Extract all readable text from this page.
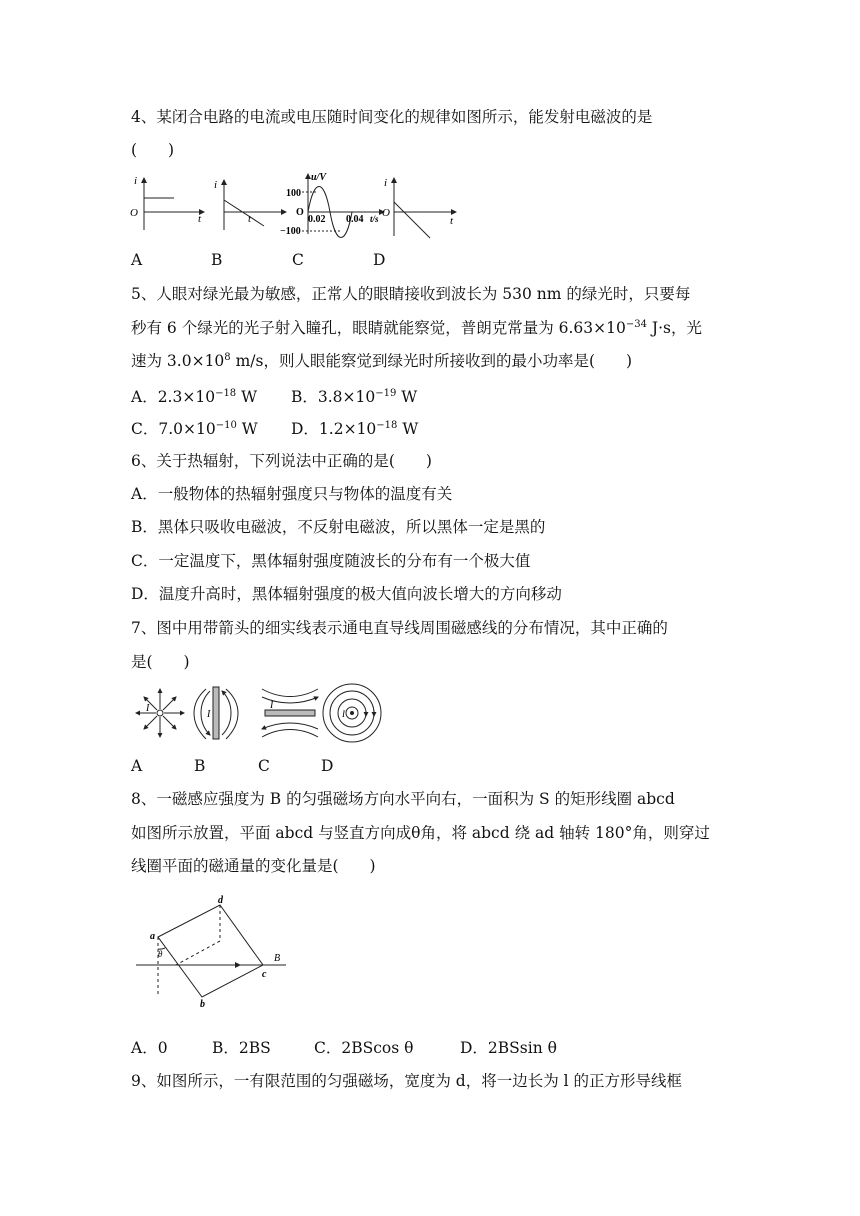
4、某闭合电路的电流或电压随时间变化的规律如图所示，能发射电磁波的是
(　　)
i
O	t
i
t
u/V
100
O
0.02 0.04 t/s
−100
i
O
t
A	B	C	D
5、人眼对绿光最为敏感，正常人的眼睛接收到波长为 530 nm 的绿光时，只要每
秒有 6 个绿光的光子射入瞳孔，眼睛就能察觉，普朗克常量为 $6.63\times 10^{-34}$ J·s，光
速为 $3.0\times 10^8$ m/s，则人眼能察觉到绿光时所接收到的最小功率是(　　)
A．$2.3\times 10^{-18}$ W B．$3.8\times 10^{-19}$ W
C．$7.0\times 10^{-10}$ W D．$1.2\times 10^{-18}$ W
6、关于热辐射，下列说法中正确的是(　　)
A．一般物体的热辐射强度只与物体的温度有关
B．黑体只吸收电磁波，不反射电磁波，所以黑体一定是黑的
C．一定温度下，黑体辐射强度随波长的分布有一个极大值
D．温度升高时，黑体辐射强度的极大值向波长增大的方向移动
7、图中用带箭头的细实线表示通电直导线周围磁感线的分布情况，其中正确的
是(　　)
I
I
I
I
A	B	C	D
8、一磁感应强度为 B 的匀强磁场方向水平向右，一面积为 S 的矩形线圈 abcd
如图所示放置，平面 abcd 与竖直方向成θ角，将 abcd 绕 ad 轴转 180°角，则穿过
线圈平面的磁通量的变化量是(　　)
a
d
c
b
B
θ
A．0	B．2BS	C．2BScos θ	D．2BSsin θ
9、如图所示，一有限范围的匀强磁场，宽度为 d，将一边长为 l 的正方形导线框
